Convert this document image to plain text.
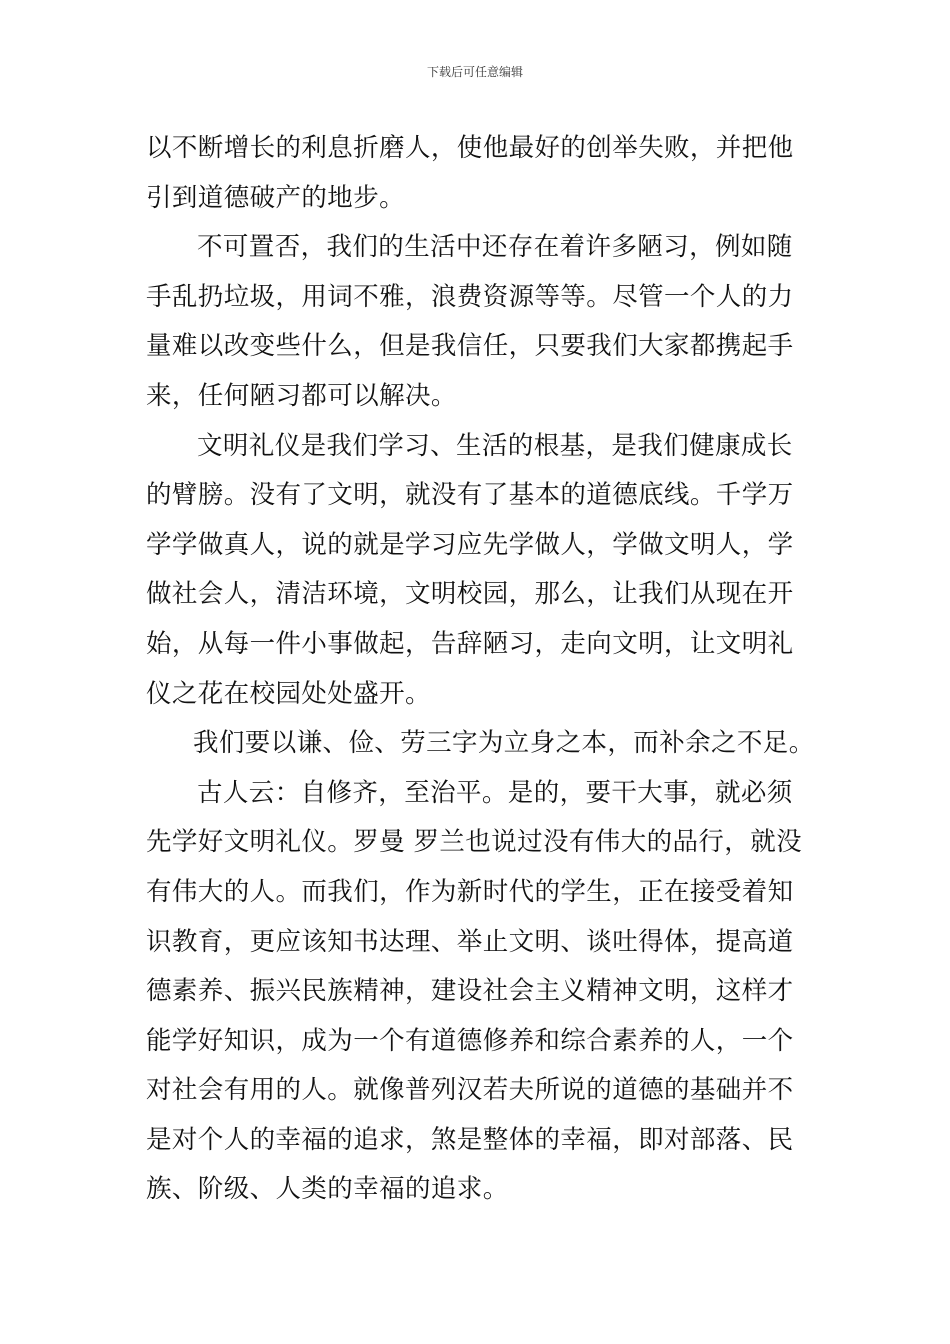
下载后可任意编辑
以不断增长的利息折磨人，使他最好的创举失败，并把他
引到道德破产的地步。
不可置否，我们的生活中还存在着许多陋习，例如随
手乱扔垃圾，用词不雅，浪费资源等等。尽管一个人的力
量难以改变些什么，但是我信任，只要我们大家都携起手
来，任何陋习都可以解决。
文明礼仪是我们学习、生活的根基，是我们健康成长
的臂膀。没有了文明，就没有了基本的道德底线。千学万
学学做真人，说的就是学习应先学做人，学做文明人，学
做社会人，清洁环境，文明校园，那么，让我们从现在开
始，从每一件小事做起，告辞陋习，走向文明，让文明礼
仪之花在校园处处盛开。
我们要以谦、俭、劳三字为立身之本，而补余之不足。
古人云：自修齐，至治平。是的，要干大事，就必须
先学好文明礼仪。罗曼 罗兰也说过没有伟大的品行，就没
有伟大的人。而我们，作为新时代的学生，正在接受着知
识教育，更应该知书达理、举止文明、谈吐得体，提高道
德素养、振兴民族精神，建设社会主义精神文明，这样才
能学好知识，成为一个有道德修养和综合素养的人，一个
对社会有用的人。就像普列汉若夫所说的道德的基础并不
是对个人的幸福的追求，煞是整体的幸福，即对部落、民
族、阶级、人类的幸福的追求。
